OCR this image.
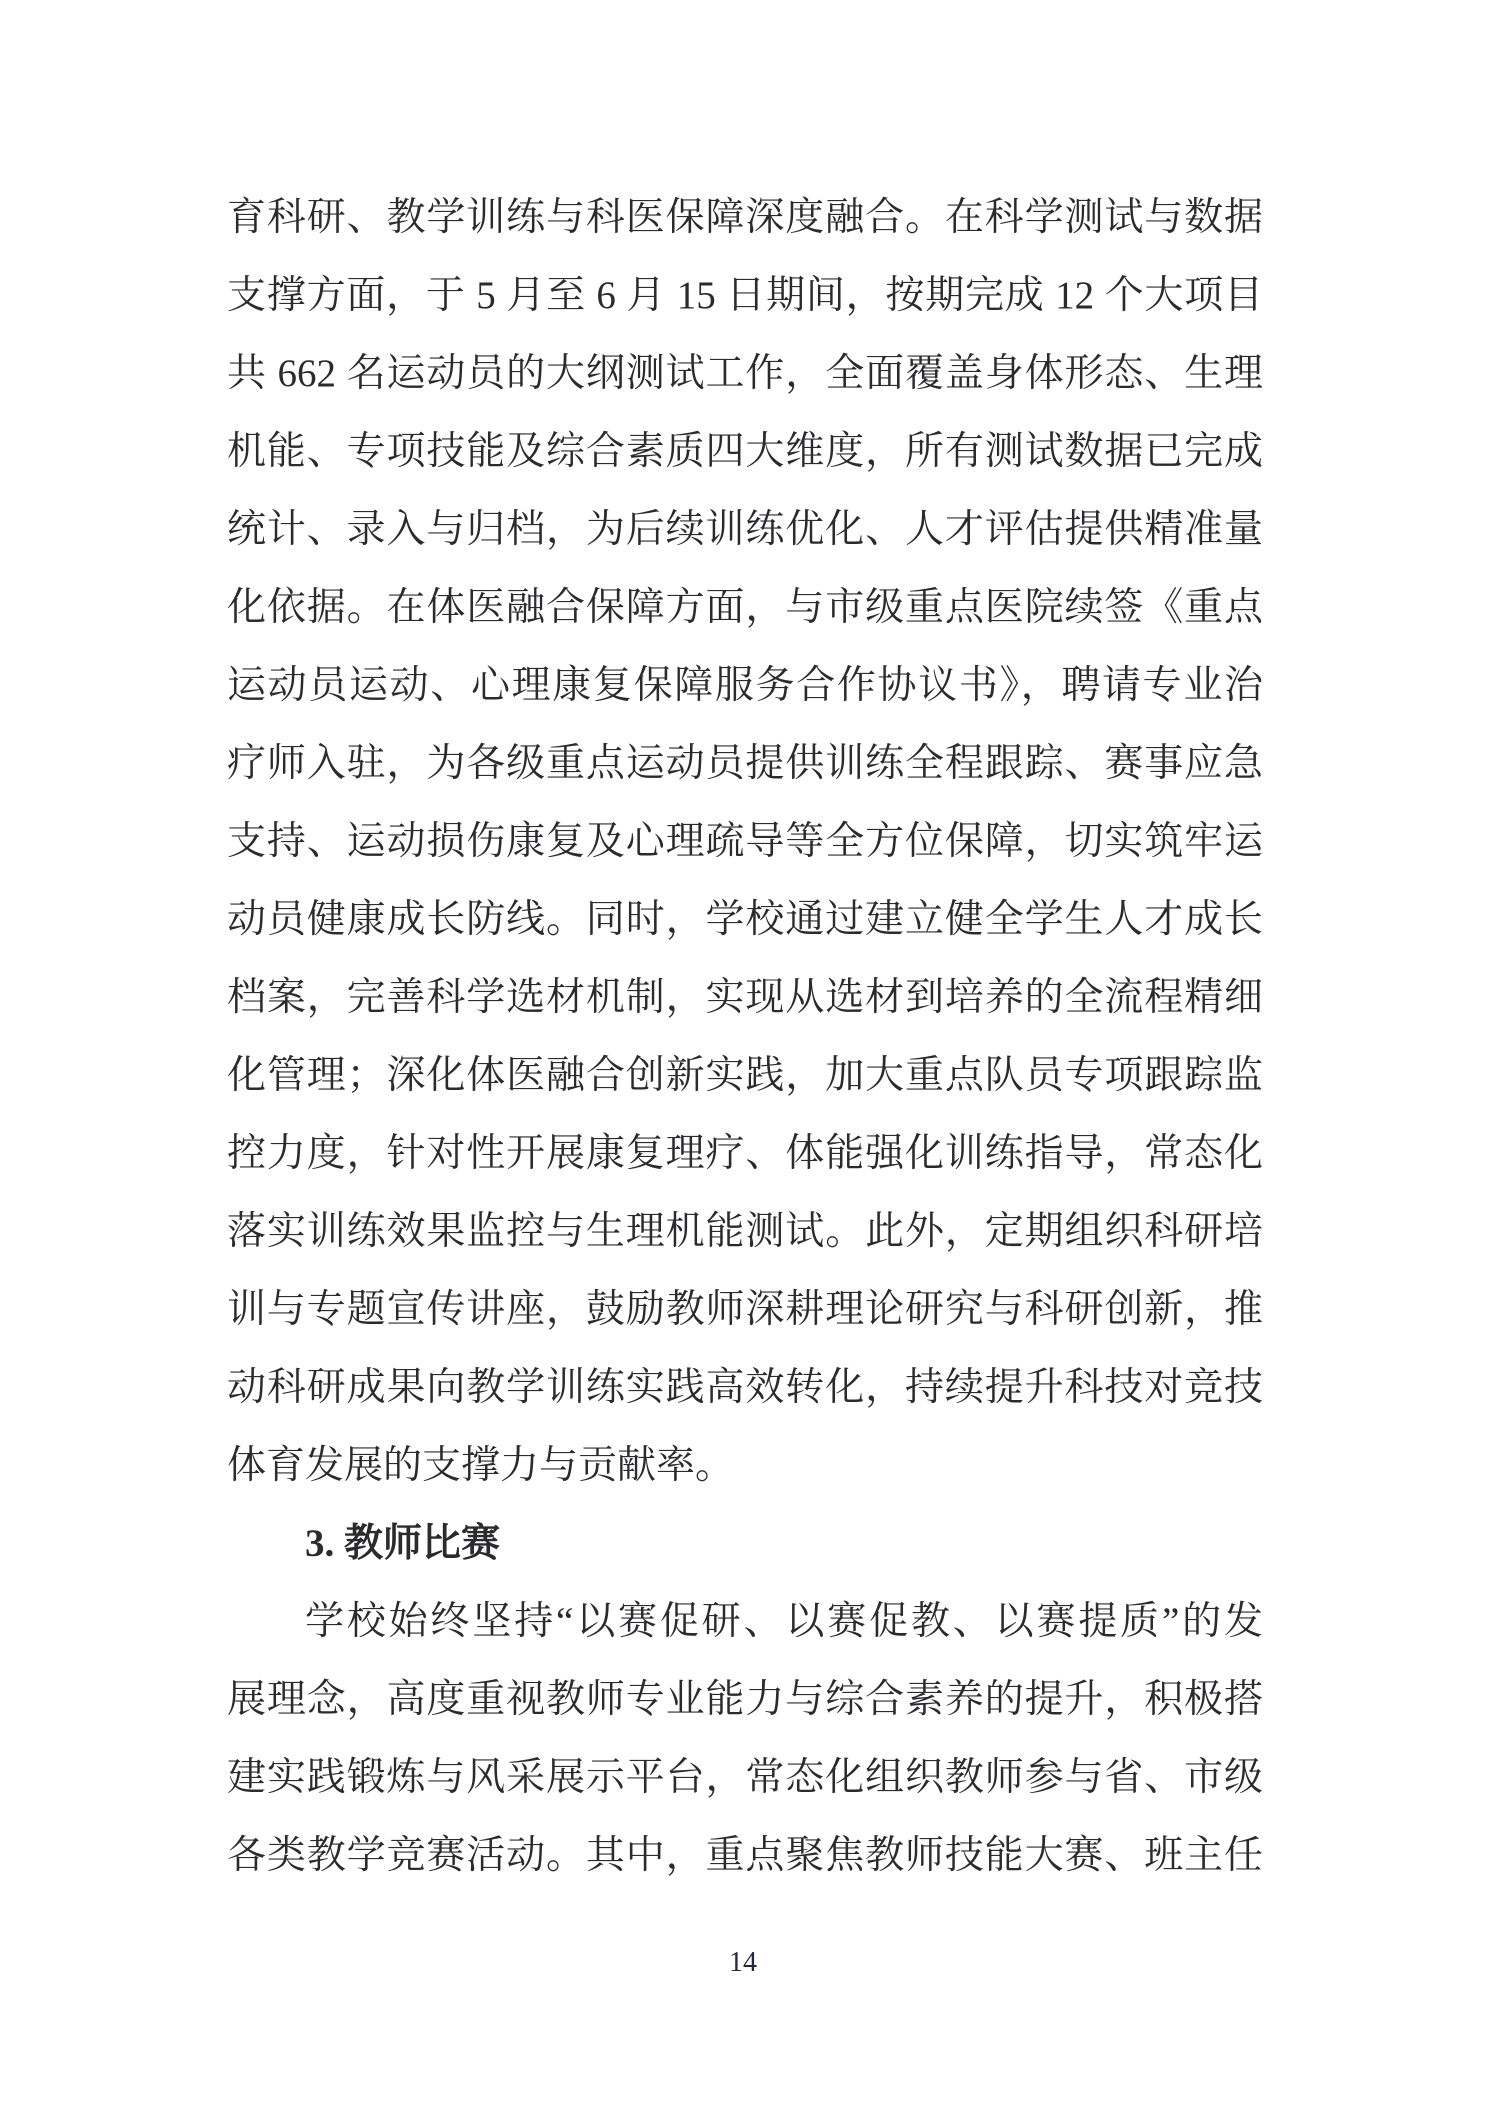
育科研、教学训练与科医保障深度融合。在科学测试与数据
支撑方面，于 5 月至 6 月 15 日期间，按期完成 12 个大项目
共 662 名运动员的大纲测试工作，全面覆盖身体形态、生理
机能、专项技能及综合素质四大维度，所有测试数据已完成
统计、录入与归档，为后续训练优化、人才评估提供精准量
化依据。在体医融合保障方面，与市级重点医院续签《重点
运动员运动、心理康复保障服务合作协议书》，聘请专业治
疗师入驻，为各级重点运动员提供训练全程跟踪、赛事应急
支持、运动损伤康复及心理疏导等全方位保障，切实筑牢运
动员健康成长防线。同时，学校通过建立健全学生人才成长
档案，完善科学选材机制，实现从选材到培养的全流程精细
化管理；深化体医融合创新实践，加大重点队员专项跟踪监
控力度，针对性开展康复理疗、体能强化训练指导，常态化
落实训练效果监控与生理机能测试。此外，定期组织科研培
训与专题宣传讲座，鼓励教师深耕理论研究与科研创新，推
动科研成果向教学训练实践高效转化，持续提升科技对竞技
体育发展的支撑力与贡献率。
3. 教师比赛
学校始终坚持“以赛促研、以赛促教、以赛提质”的发
展理念，高度重视教师专业能力与综合素养的提升，积极搭
建实践锻炼与风采展示平台，常态化组织教师参与省、市级
各类教学竞赛活动。其中，重点聚焦教师技能大赛、班主任
14
